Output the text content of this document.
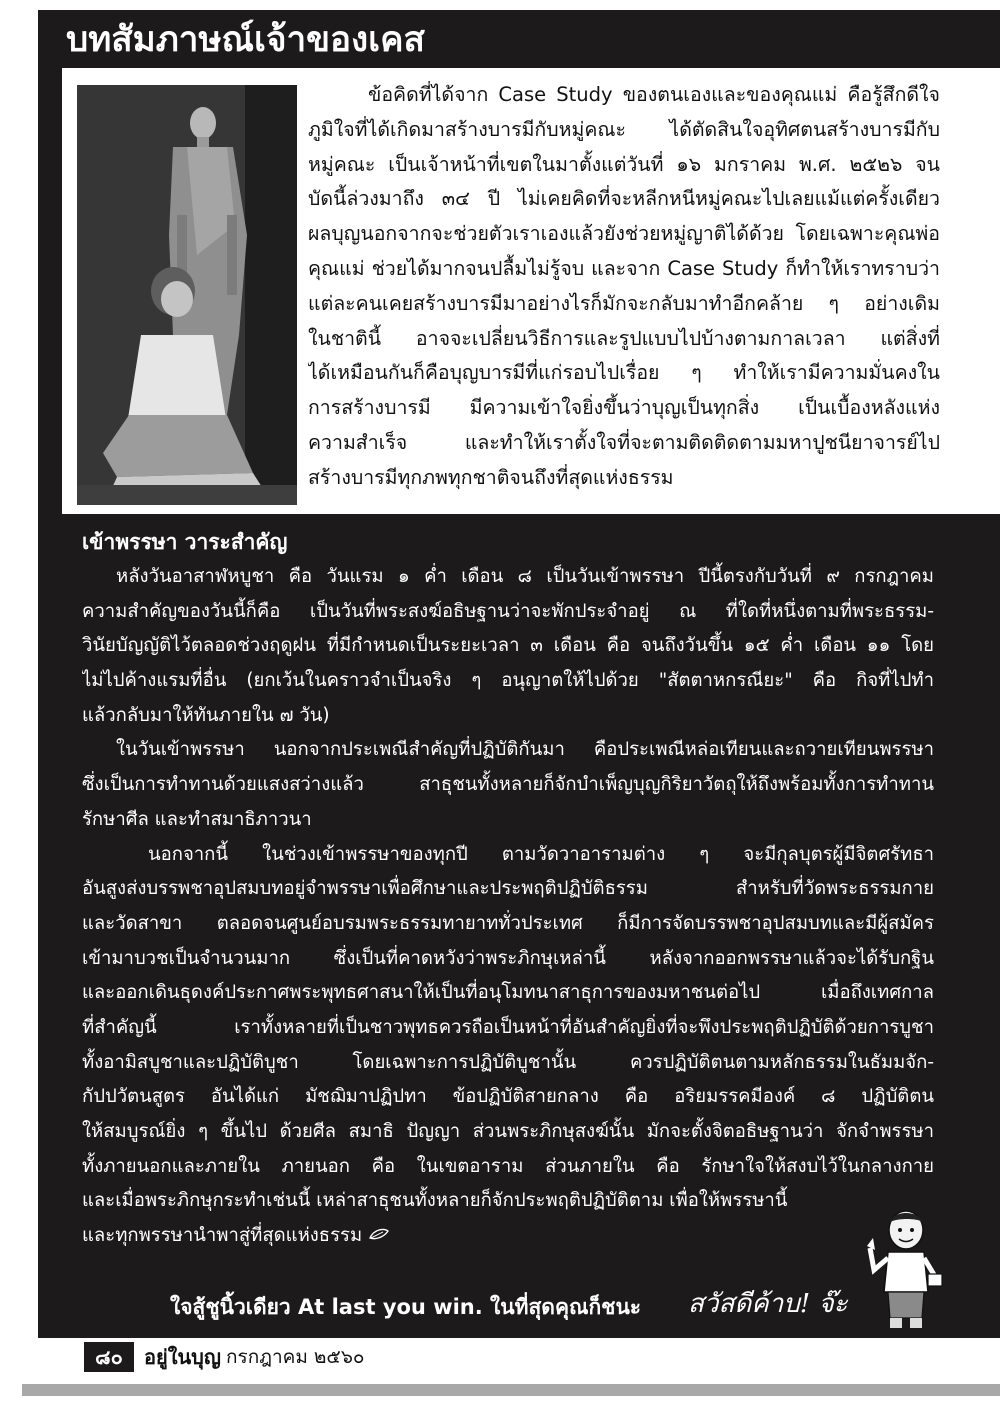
บทสัมภาษณ์เจ้าของเคส
ข้อคิดที่ได้จาก Case Study ของตนเองและของคุณแม่ คือรู้สึกดีใจ
ภูมิใจที่ได้เกิดมาสร้างบารมีกับหมู่คณะ ได้ตัดสินใจอุทิศตนสร้างบารมีกับ
หมู่คณะ เป็นเจ้าหน้าที่เขตในมาตั้งแต่วันที่ ๑๖ มกราคม พ.ศ. ๒๕๒๖ จน
บัดนี้ล่วงมาถึง ๓๔ ปี ไม่เคยคิดที่จะหลีกหนีหมู่คณะไปเลยแม้แต่ครั้งเดียว
ผลบุญนอกจากจะช่วยตัวเราเองแล้วยังช่วยหมู่ญาติได้ด้วย โดยเฉพาะคุณพ่อ
คุณแม่ ช่วยได้มากจนปลื้มไม่รู้จบ และจาก Case Study ก็ทำให้เราทราบว่า
แต่ละคนเคยสร้างบารมีมาอย่างไรก็มักจะกลับมาทำอีกคล้าย ๆ อย่างเดิม
ในชาตินี้ อาจจะเปลี่ยนวิธีการและรูปแบบไปบ้างตามกาลเวลา แต่สิ่งที่
ได้เหมือนกันก็คือบุญบารมีที่แก่รอบไปเรื่อย ๆ ทำให้เรามีความมั่นคงใน
การสร้างบารมี มีความเข้าใจยิ่งขึ้นว่าบุญเป็นทุกสิ่ง เป็นเบื้องหลังแห่ง
ความสำเร็จ และทำให้เราตั้งใจที่จะตามติดติดตามมหาปูชนียาจารย์ไป
สร้างบารมีทุกภพทุกชาติจนถึงที่สุดแห่งธรรม
เข้าพรรษา วาระสำคัญ
หลังวันอาสาฬหบูชา คือ วันแรม ๑ ค่ำ เดือน ๘ เป็นวันเข้าพรรษา ปีนี้ตรงกับวันที่ ๙ กรกฎาคม
ความสำคัญของวันนี้ก็คือ เป็นวันที่พระสงฆ์อธิษฐานว่าจะพักประจำอยู่ ณ ที่ใดที่หนึ่งตามที่พระธรรม-
วินัยบัญญัติไว้ตลอดช่วงฤดูฝน ที่มีกำหนดเป็นระยะเวลา ๓ เดือน คือ จนถึงวันขึ้น ๑๕ ค่ำ เดือน ๑๑ โดย
ไม่ไปค้างแรมที่อื่น (ยกเว้นในคราวจำเป็นจริง ๆ อนุญาตให้ไปด้วย "สัตตาหกรณียะ" คือ กิจที่ไปทำ
แล้วกลับมาให้ทันภายใน ๗ วัน)
ในวันเข้าพรรษา นอกจากประเพณีสำคัญที่ปฏิบัติกันมา คือประเพณีหล่อเทียนและถวายเทียนพรรษา
ซึ่งเป็นการทำทานด้วยแสงสว่างแล้ว สาธุชนทั้งหลายก็จักบำเพ็ญบุญกิริยาวัตถุให้ถึงพร้อมทั้งการทำทาน
รักษาศีล และทำสมาธิภาวนา
นอกจากนี้ ในช่วงเข้าพรรษาของทุกปี ตามวัดวาอารามต่าง ๆ จะมีกุลบุตรผู้มีจิตศรัทธา
อันสูงส่งบรรพชาอุปสมบทอยู่จำพรรษาเพื่อศึกษาและประพฤติปฏิบัติธรรม สำหรับที่วัดพระธรรมกาย
และวัดสาขา ตลอดจนศูนย์อบรมพระธรรมทายาททั่วประเทศ ก็มีการจัดบรรพชาอุปสมบทและมีผู้สมัคร
เข้ามาบวชเป็นจำนวนมาก ซึ่งเป็นที่คาดหวังว่าพระภิกษุเหล่านี้ หลังจากออกพรรษาแล้วจะได้รับกฐิน
และออกเดินธุดงค์ประกาศพระพุทธศาสนาให้เป็นที่อนุโมทนาสาธุการของมหาชนต่อไป เมื่อถึงเทศกาล
ที่สำคัญนี้ เราทั้งหลายที่เป็นชาวพุทธควรถือเป็นหน้าที่อันสำคัญยิ่งที่จะพึงประพฤติปฏิบัติด้วยการบูชา
ทั้งอามิสบูชาและปฏิบัติบูชา โดยเฉพาะการปฏิบัติบูชานั้น ควรปฏิบัติตนตามหลักธรรมในธัมมจัก-
กัปปวัตนสูตร อันได้แก่ มัชฌิมาปฏิปทา ข้อปฏิบัติสายกลาง คือ อริยมรรคมีองค์ ๘ ปฏิบัติตน
ให้สมบูรณ์ยิ่ง ๆ ขึ้นไป ด้วยศีล สมาธิ ปัญญา ส่วนพระภิกษุสงฆ์นั้น มักจะตั้งจิตอธิษฐานว่า จักจำพรรษา
ทั้งภายนอกและภายใน ภายนอก คือ ในเขตอาราม ส่วนภายใน คือ รักษาใจให้สงบไว้ในกลางกาย
และเมื่อพระภิกษุกระทำเช่นนี้ เหล่าสาธุชนทั้งหลายก็จักประพฤติปฏิบัติตาม เพื่อให้พรรษานี้
และทุกพรรษานำพาสู่ที่สุดแห่งธรรม
ใจสู้ชูนิ้วเดียว At last you win. ในที่สุดคุณก็ชนะ สวัสดีค้าบ! จ๊ะ
๘๐	อยู่ในบุญ กรกฎาคม ๒๕๖๐
